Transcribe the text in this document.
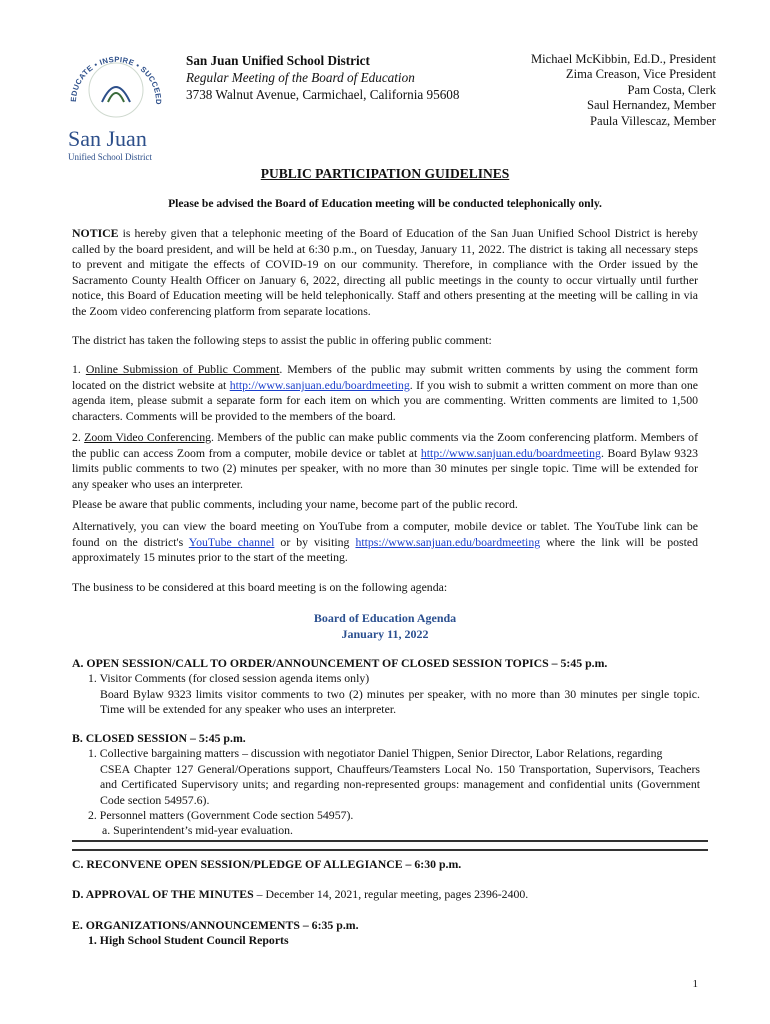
EDUCATE • INSPIRE • SUCCEED
San Juan
Unified School District
San Juan Unified School District
Regular Meeting of the Board of Education
3738 Walnut Avenue, Carmichael, California 95608
Michael McKibbin, Ed.D., President
Zima Creason, Vice President
Pam Costa, Clerk
Saul Hernandez, Member
Paula Villescaz, Member
PUBLIC PARTICIPATION GUIDELINES
Please be advised the Board of Education meeting will be conducted telephonically only.
NOTICE is hereby given that a telephonic meeting of the Board of Education of the San Juan Unified School District is hereby called by the board president, and will be held at 6:30 p.m., on Tuesday, January 11, 2022. The district is taking all necessary steps to prevent and mitigate the effects of COVID-19 on our community. Therefore, in compliance with the Order issued by the Sacramento County Health Officer on January 6, 2022, directing all public meetings in the county to occur virtually until further notice, this Board of Education meeting will be held telephonically. Staff and others presenting at the meeting will be calling in via the Zoom video conferencing platform from separate locations.
The district has taken the following steps to assist the public in offering public comment:
1. Online Submission of Public Comment. Members of the public may submit written comments by using the comment form located on the district website at http://www.sanjuan.edu/boardmeeting. If you wish to submit a written comment on more than one agenda item, please submit a separate form for each item on which you are commenting. Written comments are limited to 1,500 characters. Comments will be provided to the members of the board.
2. Zoom Video Conferencing. Members of the public can make public comments via the Zoom conferencing platform. Members of the public can access Zoom from a computer, mobile device or tablet at http://www.sanjuan.edu/boardmeeting. Board Bylaw 9323 limits public comments to two (2) minutes per speaker, with no more than 30 minutes per single topic. Time will be extended for any speaker who uses an interpreter.
Please be aware that public comments, including your name, become part of the public record.
Alternatively, you can view the board meeting on YouTube from a computer, mobile device or tablet. The YouTube link can be found on the district's YouTube channel or by visiting https://www.sanjuan.edu/boardmeeting where the link will be posted approximately 15 minutes prior to the start of the meeting.
The business to be considered at this board meeting is on the following agenda:
Board of Education Agenda
January 11, 2022
A. OPEN SESSION/CALL TO ORDER/ANNOUNCEMENT OF CLOSED SESSION TOPICS – 5:45 p.m.
1. Visitor Comments (for closed session agenda items only)
Board Bylaw 9323 limits visitor comments to two (2) minutes per speaker, with no more than 30 minutes per single topic. Time will be extended for any speaker who uses an interpreter.
B. CLOSED SESSION – 5:45 p.m.
1. Collective bargaining matters – discussion with negotiator Daniel Thigpen, Senior Director, Labor Relations, regarding
CSEA Chapter 127 General/Operations support, Chauffeurs/Teamsters Local No. 150 Transportation, Supervisors, Teachers and Certificated Supervisory units; and regarding non-represented groups: management and confidential units (Government Code section 54957.6).
2. Personnel matters (Government Code section 54957).
a. Superintendent’s mid-year evaluation.
C. RECONVENE OPEN SESSION/PLEDGE OF ALLEGIANCE – 6:30 p.m.
D. APPROVAL OF THE MINUTES – December 14, 2021, regular meeting, pages 2396-2400.
E. ORGANIZATIONS/ANNOUNCEMENTS – 6:35 p.m.
1. High School Student Council Reports
1
